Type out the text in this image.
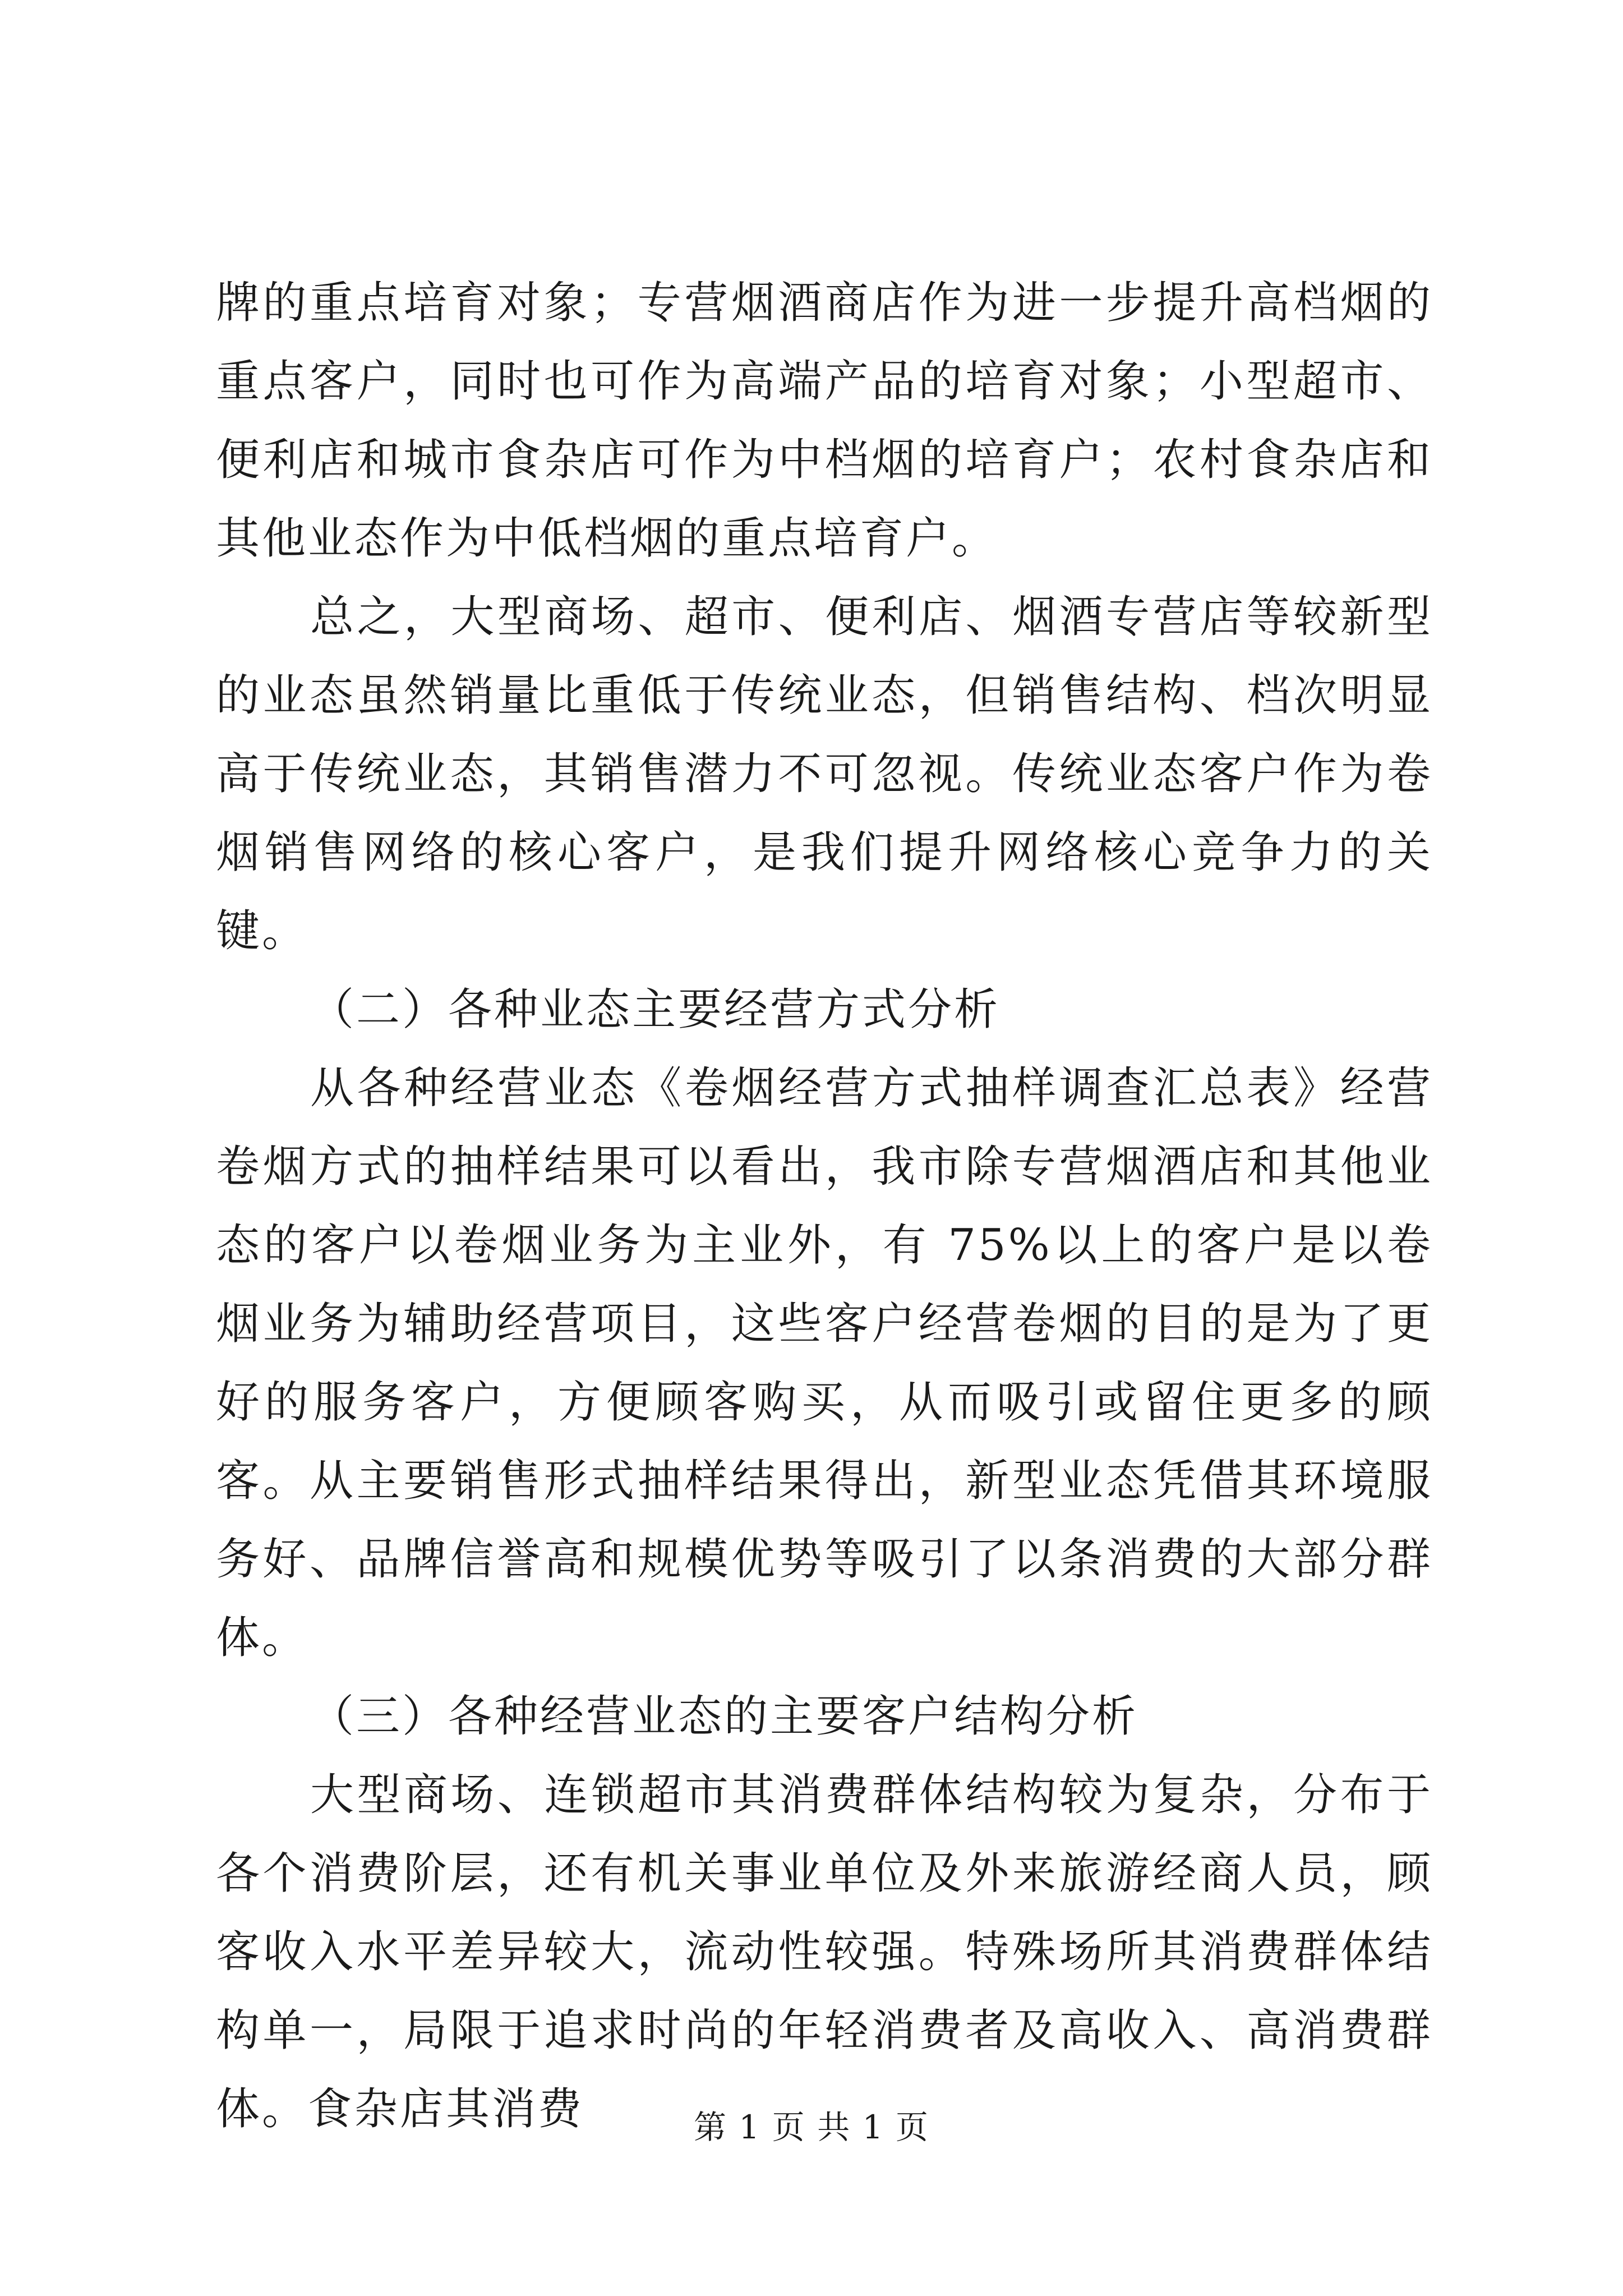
牌的重点培育对象；专营烟酒商店作为进一步提升高档烟的重点客户，同时也可作为高端产品的培育对象；小型超市、便利店和城市食杂店可作为中档烟的培育户；农村食杂店和其他业态作为中低档烟的重点培育户。

总之，大型商场、超市、便利店、烟酒专营店等较新型的业态虽然销量比重低于传统业态，但销售结构、档次明显高于传统业态，其销售潜力不可忽视。传统业态客户作为卷烟销售网络的核心客户，是我们提升网络核心竞争力的关键。

（二）各种业态主要经营方式分析

从各种经营业态《卷烟经营方式抽样调查汇总表》经营卷烟方式的抽样结果可以看出，我市除专营烟酒店和其他业态的客户以卷烟业务为主业外，有 75%以上的客户是以卷烟业务为辅助经营项目，这些客户经营卷烟的目的是为了更好的服务客户，方便顾客购买，从而吸引或留住更多的顾客。从主要销售形式抽样结果得出，新型业态凭借其环境服务好、品牌信誉高和规模优势等吸引了以条消费的大部分群体。

（三）各种经营业态的主要客户结构分析

大型商场、连锁超市其消费群体结构较为复杂，分布于各个消费阶层，还有机关事业单位及外来旅游经商人员，顾客收入水平差异较大，流动性较强。特殊场所其消费群体结构单一，局限于追求时尚的年轻消费者及高收入、高消费群体。食杂店其消费	第 1 页 共 1 页
